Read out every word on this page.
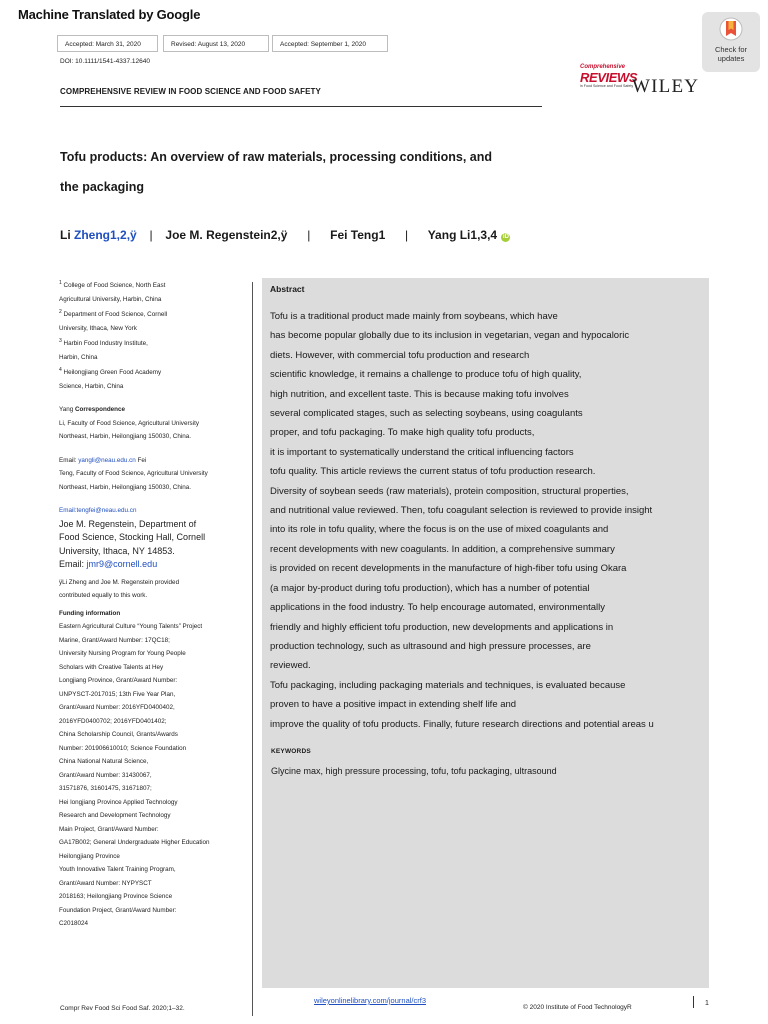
Machine Translated by Google
Accepted: March 31, 2020	Revised: August 13, 2020	Accepted: September 1, 2020
DOI: 10.1111/1541-4337.12640
COMPREHENSIVE REVIEW IN FOOD SCIENCE AND FOOD SAFETY
Check for
updates
Comprehensive
REVIEWS
in Food Science and Food Safety
WILEY
Tofu products: An overview of raw materials, processing conditions, and
the packaging
Li Zheng1,2,ÿ | Joe M. Regenstein2,ÿ | Fei Teng1 | Yang Li1,3,4 iD
$^1$ College of Food Science, North East
Agricultural University, Harbin, China
$^2$ Department of Food Science, Cornell
University, Ithaca, New York
$^3$ Harbin Food Industry Institute,
Harbin, China
$^4$ Heilongjiang Green Food Academy
Science, Harbin, China
Yang Correspondence
Li, Faculty of Food Science, Agricultural University
Northeast, Harbin, Heilongjiang 150030, China.
Email: yangli@neau.edu.cn Fei
Teng, Faculty of Food Science, Agricultural University
Northeast, Harbin, Heilongjiang 150030, China.
Email:tengfei@neau.edu.cn
Joe M. Regenstein, Department of
Food Science, Stocking Hall, Cornell
University, Ithaca, NY 14853.
Email: jmr9@cornell.edu
ÿLi Zheng and Joe M. Regenstein provided
contributed equally to this work.
Funding information
Eastern Agricultural Culture “Young Talents” Project
Marine, Grant/Award Number: 17QC18;
University Nursing Program for Young People
Scholars with Creative Talents at Hey
Longjiang Province, Grant/Award Number:
UNPYSCT-2017015; 13th Five Year Plan,
Grant/Award Number: 2016YFD0400402,
2016YFD0400702; 2016YFD0401402;
China Scholarship Council, Grants/Awards
Number: 201906610010; Science Foundation
China National Natural Science,
Grant/Award Number: 31430067,
31571876, 31601475, 31671807;
Hei longjiang Province Applied Technology
Research and Development Technology
Main Project, Grant/Award Number:
GA17B002; General Undergraduate Higher Education
Heilongjiang Province
Youth Innovative Talent Training Program,
Grant/Award Number: NYPYSCT
2018163; Heilongjiang Province Science
Foundation Project, Grant/Award Number:
C2018024
Abstract
Tofu is a traditional product made mainly from soybeans, which have
has become popular globally due to its inclusion in vegetarian, vegan and hypocaloric
diets. However, with commercial tofu production and research
scientific knowledge, it remains a challenge to produce tofu of high quality,
high nutrition, and excellent taste. This is because making tofu involves
several complicated stages, such as selecting soybeans, using coagulants
proper, and tofu packaging. To make high quality tofu products,
it is important to systematically understand the critical influencing factors
tofu quality. This article reviews the current status of tofu production research.
Diversity of soybean seeds (raw materials), protein composition, structural properties,
and nutritional value reviewed. Then, tofu coagulant selection is reviewed to provide insight
into its role in tofu quality, where the focus is on the use of mixed coagulants and
recent developments with new coagulants. In addition, a comprehensive summary
is provided on recent developments in the manufacture of high-fiber tofu using Okara
(a major by-product during tofu production), which has a number of potential
applications in the food industry. To help encourage automated, environmentally
friendly and highly efficient tofu production, new developments and applications in
production technology, such as ultrasound and high pressure processes, are
reviewed.
Tofu packaging, including packaging materials and techniques, is evaluated because
proven to have a positive impact in extending shelf life and
improve the quality of tofu products. Finally, future research directions and potential areas u
KEYWORDS
Glycine max, high pressure processing, tofu, tofu packaging, ultrasound
Compr Rev Food Sci Food Saf. 2020;1–32.
wileyonlinelibrary.com/journal/crf3
© 2020 Institute of Food TechnologyR
1
